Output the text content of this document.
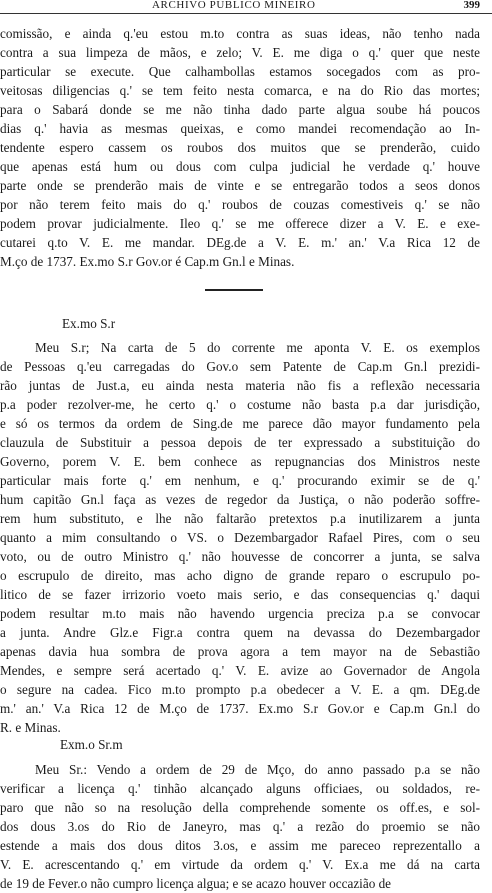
ARCHIVO PUBLICO MINEIRO	399
comissão, e ainda q.'eu estou m.to contra as suas ideas, não tenho nada
contra a sua limpeza de mãos, e zelo; V. E. me diga o q.' quer que neste
particular se execute. Que calhambollas estamos socegados com as pro-
veitosas diligencias q.' se tem feito nesta comarca, e na do Rio das mortes;
para o Sabará donde se me não tinha dado parte algua soube há poucos
dias q.' havia as mesmas queixas, e como mandei recomendação ao In-
tendente espero cassem os roubos dos muitos que se prenderão, cuido
que apenas está hum ou dous com culpa judicial he verdade q.' houve
parte onde se prenderão mais de vinte e se entregarão todos a seos donos
por não terem feito mais do q.' roubos de couzas comestiveis q.' se não
podem provar judicialmente. Ileo q.' se me offerece dizer a V. E. e exe-
cutarei q.to V. E. me mandar. DEg.de a V. E. m.' an.' V.a Rica 12 de
M.ço de 1737. Ex.mo S.r Gov.or é Cap.m Gn.l e Minas.
Ex.mo S.r
Meu S.r; Na carta de 5 do corrente me aponta V. E. os exemplos
de Pessoas q.'eu carregadas do Gov.o sem Patente de Cap.m Gn.l prezidi-
rão juntas de Just.a, eu ainda nesta materia não fis a reflexão necessaria
p.a poder rezolver-me, he certo q.' o costume não basta p.a dar jurisdição,
e só os termos da ordem de Sing.de me parece dão mayor fundamento pela
clauzula de Substituir a pessoa depois de ter expressado a substituição do
Governo, porem V. E. bem conhece as repugnancias dos Ministros neste
particular mais forte q.' em nenhum, e q.' procurando eximir se de q.'
hum capitão Gn.l faça as vezes de regedor da Justiça, o não poderão soffre-
rem hum substituto, e lhe não faltarão pretextos p.a inutilizarem a junta
quanto a mim consultando o VS. o Dezembargador Rafael Pires, com o seu
voto, ou de outro Ministro q.' não houvesse de concorrer a junta, se salva
o escrupulo de direito, mas acho digno de grande reparo o escrupulo po-
litico de se fazer irrizorio voeto mais serio, e das consequencias q.' daqui
podem resultar m.to mais não havendo urgencia preciza p.a se convocar
a junta. Andre Glz.e Figr.a contra quem na devassa do Dezembargador
apenas davia hua sombra de prova agora a tem mayor na de Sebastião
Mendes, e sempre será acertado q.' V. E. avize ao Governador de Angola
o segure na cadea. Fico m.to prompto p.a obedecer a V. E. a qm. DEg.de
m.' an.' V.a Rica 12 de M.ço de 1737. Ex.mo S.r Gov.or e Cap.m Gn.l do
R. e Minas.
Exm.o Sr.m
Meu Sr.: Vendo a ordem de 29 de Mço, do anno passado p.a se não
verificar a licença q.' tinhão alcançado alguns officiaes, ou soldados, re-
paro que não so na resolução della comprehende somente os off.es, e sol-
dos dous 3.os do Rio de Janeyro, mas q.' a rezão do proemio se não
estende a mais dos dous ditos 3.os, e assim me pareceo reprezentallo a
V. E. acrescentando q.' em virtude da ordem q.' V. Ex.a me dá na carta
de 19 de Fever.o não cumpro licença algua; e se acazo houver occazião de
